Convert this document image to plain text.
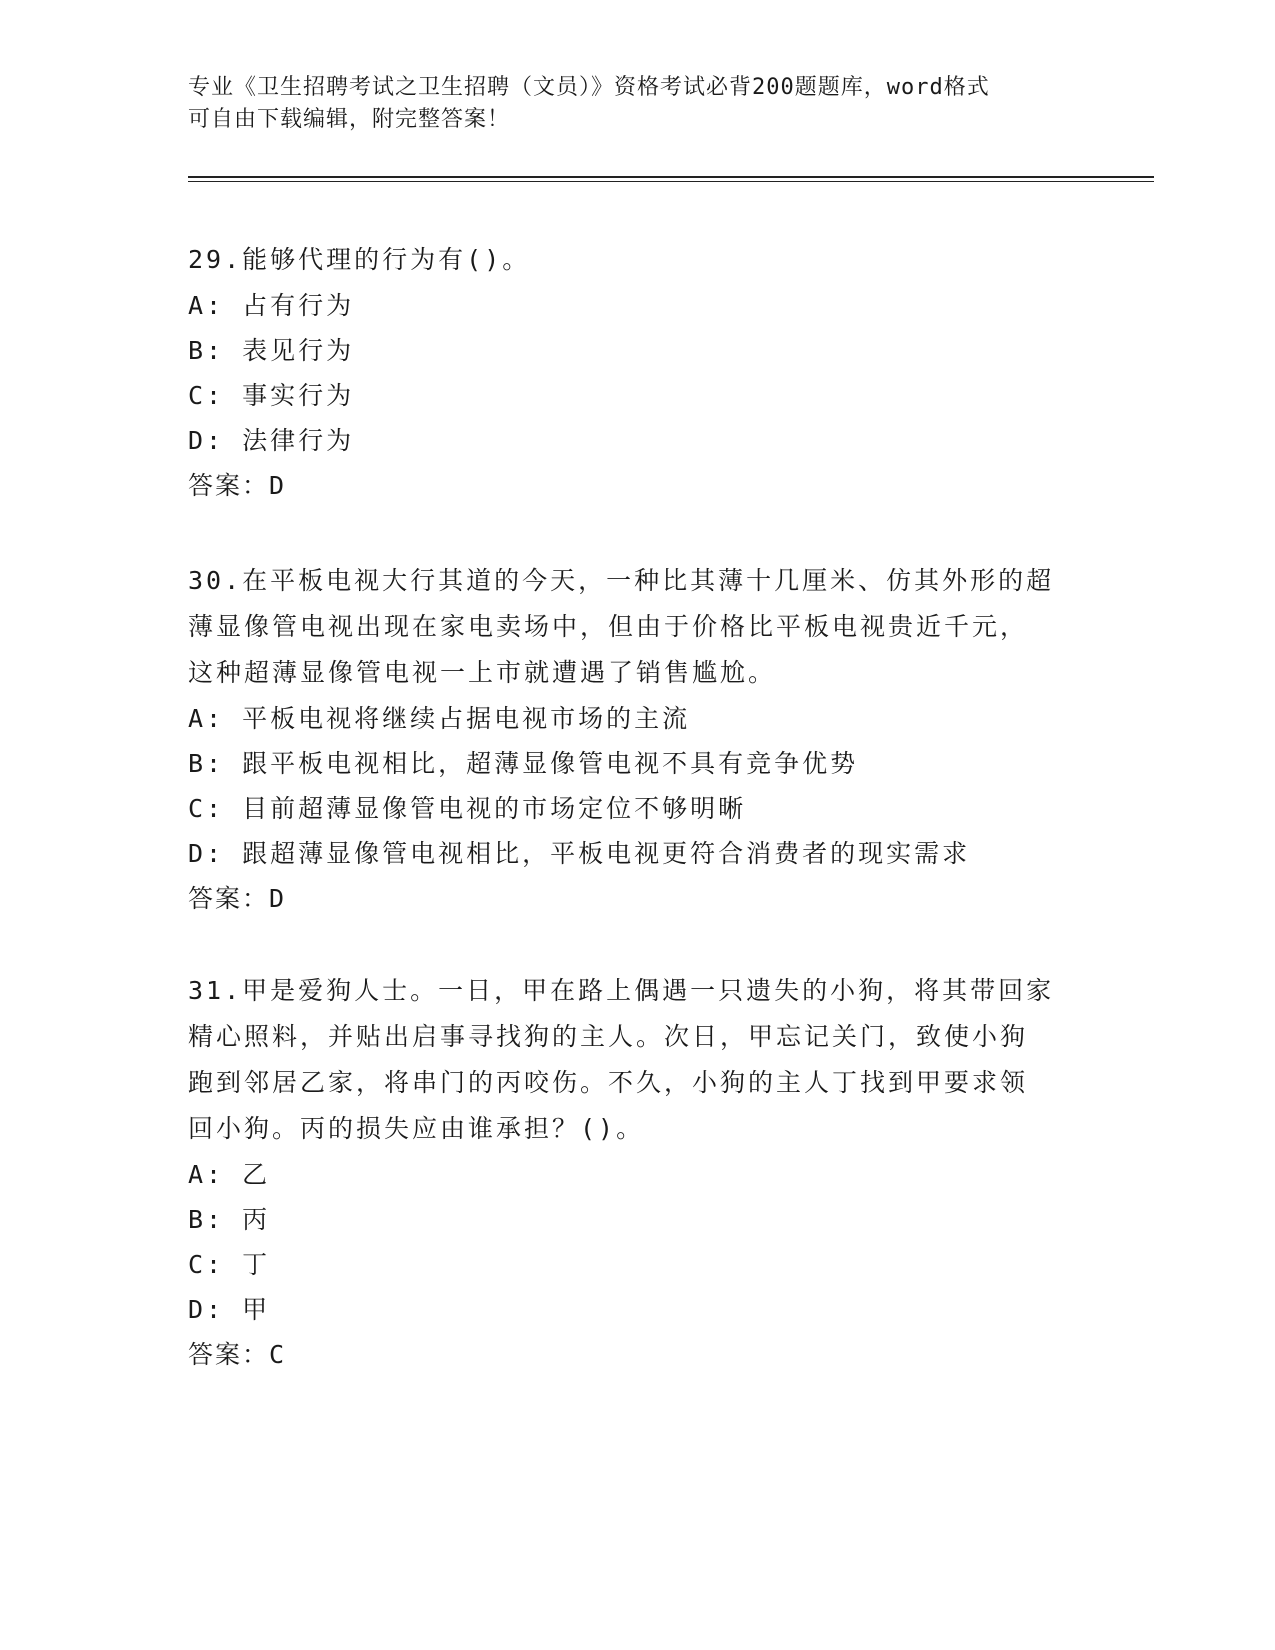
专业《卫生招聘考试之卫生招聘（文员）》资格考试必背200题题库，word格式
可自由下载编辑，附完整答案！
29.能够代理的行为有()。
A: 占有行为
B: 表见行为
C: 事实行为
D: 法律行为
答案：D
30.在平板电视大行其道的今天，一种比其薄十几厘米、仿其外形的超
薄显像管电视出现在家电卖场中，但由于价格比平板电视贵近千元，
这种超薄显像管电视一上市就遭遇了销售尴尬。
A: 平板电视将继续占据电视市场的主流
B: 跟平板电视相比，超薄显像管电视不具有竞争优势
C: 目前超薄显像管电视的市场定位不够明晰
D: 跟超薄显像管电视相比，平板电视更符合消费者的现实需求
答案：D
31.甲是爱狗人士。一日，甲在路上偶遇一只遗失的小狗，将其带回家
精心照料，并贴出启事寻找狗的主人。次日，甲忘记关门，致使小狗
跑到邻居乙家，将串门的丙咬伤。不久，小狗的主人丁找到甲要求领
回小狗。丙的损失应由谁承担？()。
A: 乙
B: 丙
C: 丁
D: 甲
答案：C
